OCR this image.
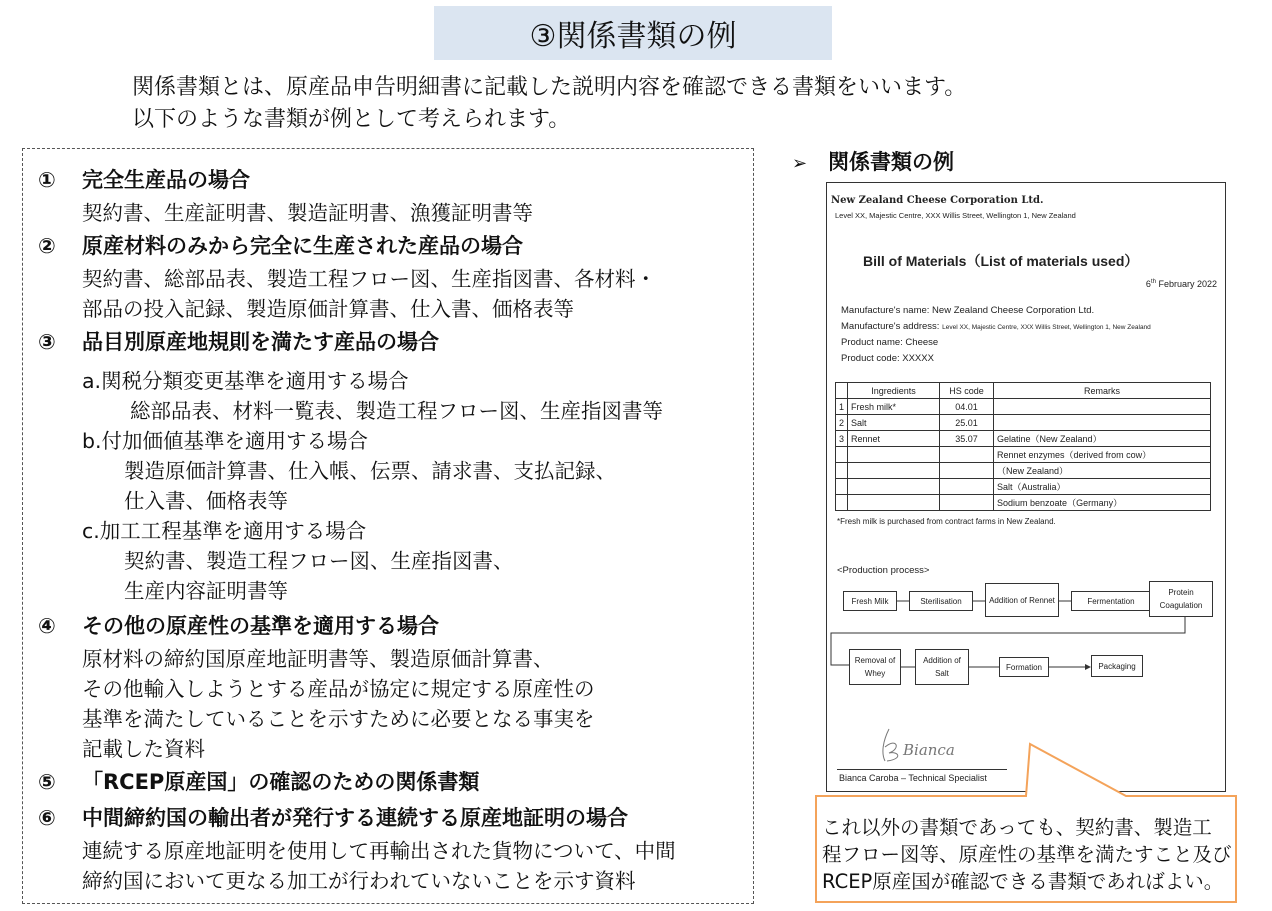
③関係書類の例
関係書類とは、原産品申告明細書に記載した説明内容を確認できる書類をいいます。
以下のような書類が例として考えられます。
① 完全生産品の場合
契約書、生産証明書、製造証明書、漁獲証明書等
② 原産材料のみから完全に生産された産品の場合
契約書、総部品表、製造工程フロー図、生産指図書、各材料・
部品の投入記録、製造原価計算書、仕入書、価格表等
③ 品目別原産地規則を満たす産品の場合
a.関税分類変更基準を適用する場合
総部品表、材料一覧表、製造工程フロー図、生産指図書等
b.付加価値基準を適用する場合
製造原価計算書、仕入帳、伝票、請求書、支払記録、
仕入書、価格表等
c.加工工程基準を適用する場合
契約書、製造工程フロー図、生産指図書、
生産内容証明書等
④ その他の原産性の基準を適用する場合
原材料の締約国原産地証明書等、製造原価計算書、
その他輸入しようとする産品が協定に規定する原産性の
基準を満たしていることを示すために必要となる事実を
記載した資料
⑤ 「RCEP原産国」の確認のための関係書類
⑥ 中間締約国の輸出者が発行する連続する原産地証明の場合
連続する原産地証明を使用して再輸出された貨物について、中間
締約国において更なる加工が行われていないことを示す資料
➢ 関係書類の例
New Zealand Cheese Corporation Ltd.
Level XX, Majestic Centre, XXX Willis Street, Wellington 1, New Zealand
Bill of Materials（List of materials used）
6th February 2022
Manufacture's name: New Zealand Cheese Corporation Ltd.
Manufacture's address: Level XX, Majestic Centre, XXX Willis Street, Wellington 1, New Zealand
Product name: Cheese
Product code: XXXXX
	Ingredients	HS code	Remarks
1	Fresh milk*	04.01	
2	Salt	25.01	
3	Rennet	35.07	Gelatine（New Zealand）
			Rennet enzymes（derived from cow）
			（New Zealand）
			Salt（Australia）
			Sodium benzoate（Germany）
*Fresh milk is purchased from contract farms in New Zealand.
<Production process>
Fresh Milk	Sterilisation	Addition of Rennet	Fermentation
Protein Coagulation
Removal of Whey
Addition of Salt
Formation	Packaging
Bianca
Bianca Caroba – Technical Specialist
これ以外の書類であっても、契約書、製造工
程フロー図等、原産性の基準を満たすこと及び
RCEP原産国が確認できる書類であればよい。
